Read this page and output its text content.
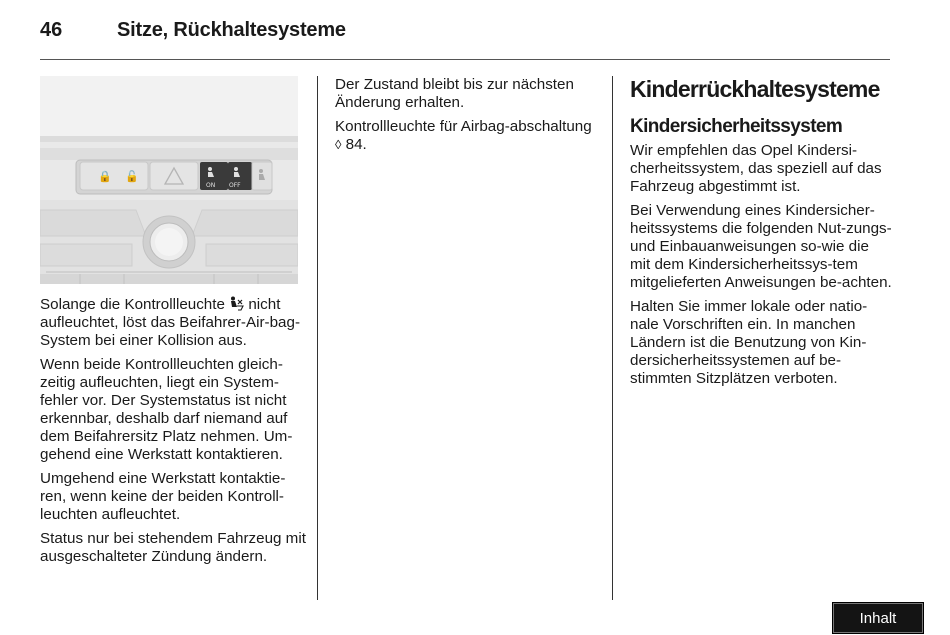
46	Sitze, Rückhaltesysteme
🔒 🔓
ON OFF

Solange die Kontrollleuchte  nicht aufleuchtet, löst das Beifahrer-Air-bag-System bei einer Kollision aus.

Wenn beide Kontrollleuchten gleich-zeitig aufleuchten, liegt ein System-fehler vor. Der Systemstatus ist nicht erkennbar, deshalb darf niemand auf dem Beifahrersitz Platz nehmen. Um-gehend eine Werkstatt kontaktieren.

Umgehend eine Werkstatt kontaktie-ren, wenn keine der beiden Kontroll-leuchten aufleuchtet.

Status nur bei stehendem Fahrzeug mit ausgeschalteter Zündung ändern.

Der Zustand bleibt bis zur nächsten Änderung erhalten.

Kontrollleuchte für Airbag-abschaltung ◊ 84.

Kinderrückhaltesysteme
Kindersicherheitssystem

Wir empfehlen das Opel Kindersi-cherheitssystem, das speziell auf das Fahrzeug abgestimmt ist.

Bei Verwendung eines Kindersicher-heitssystems die folgenden Nut-zungs- und Einbauanweisungen so-wie die mit dem Kindersicherheitssys-tem mitgelieferten Anweisungen be-achten.

Halten Sie immer lokale oder natio-nale Vorschriften ein. In manchen Ländern ist die Benutzung von Kin-dersicherheitssystemen auf be-stimmten Sitzplätzen verboten.

Inhalt
